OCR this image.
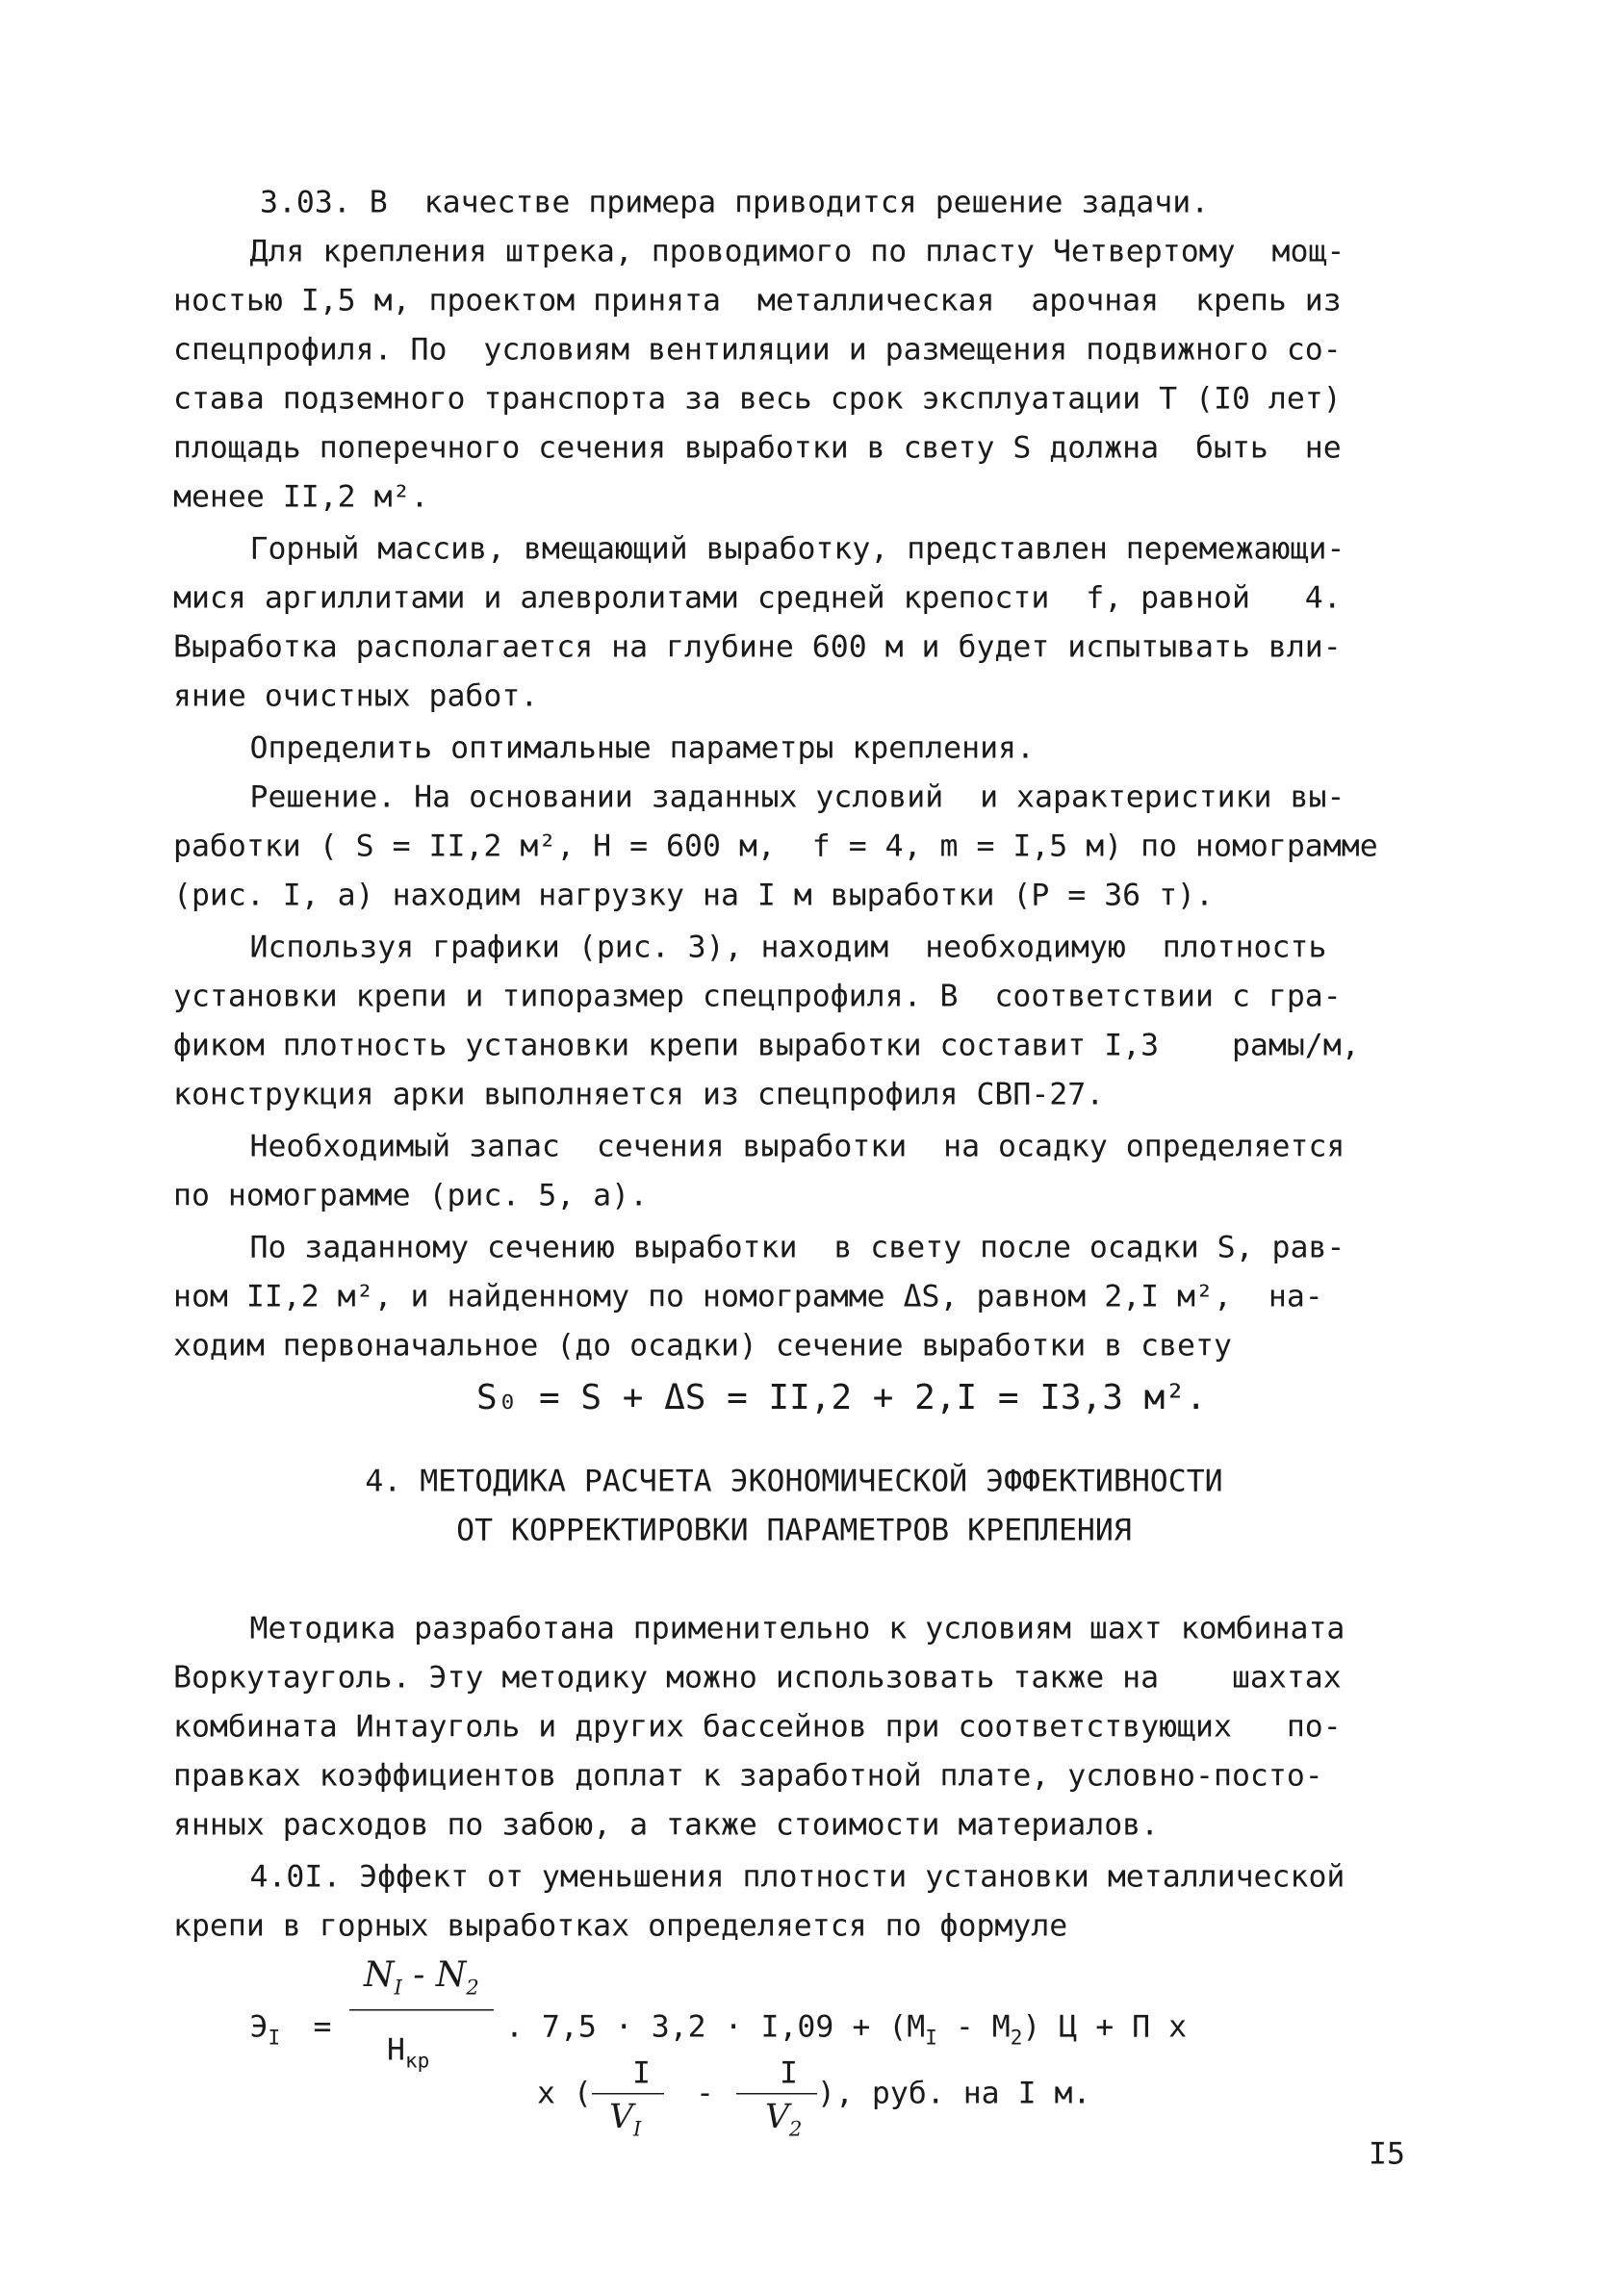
3.03. В  качестве примера приводится решение задачи.
Для крепления штрека, проводимого по пласту Четвертому  мощ-
ностью I,5 м, проектом принята  металлическая  арочная  крепь из
спецпрофиля. По  условиям вентиляции и размещения подвижного со-
става подземного транспорта за весь срок эксплуатации Т (I0 лет)
площадь поперечного сечения выработки в свету S должна  быть  не
менее II,2 м².
Горный массив, вмещающий выработку, представлен перемежающи-
мися аргиллитами и алевролитами средней крепости  f, равной   4.
Выработка располагается на глубине 600 м и будет испытывать вли-
яние очистных работ.
Определить оптимальные параметры крепления.
Решение. На основании заданных условий  и характеристики вы-
работки ( S = II,2 м², Н = 600 м,  f = 4, m = I,5 м) по номограмме
(рис. I, а) находим нагрузку на I м выработки (Р = 36 т).
Используя графики (рис. 3), находим  необходимую  плотность
установки крепи и типоразмер спецпрофиля. В  соответствии с гра-
фиком плотность установки крепи выработки составит I,3    рамы/м,
конструкция арки выполняется из спецпрофиля СВП-27.
Необходимый запас  сечения выработки  на осадку определяется
по номограмме (рис. 5, а).
По заданному сечению выработки  в свету после осадки S, рав-
ном II,2 м², и найденному по номограмме ΔS, равном 2,I м²,  на-
ходим первоначальное (до осадки) сечение выработки в свету
S₀ = S + ΔS = II,2 + 2,I = I3,3 м².
4. МЕТОДИКА РАСЧЕТА ЭКОНОМИЧЕСКОЙ ЭФФЕКТИВНОСТИ
ОТ КОРРЕКТИРОВКИ ПАРАМЕТРОВ КРЕПЛЕНИЯ
Методика разработана применительно к условиям шахт комбината
Воркутауголь. Эту методику можно использовать также на    шахтах
комбината Интауголь и других бассейнов при соответствующих   по-
правках коэффициентов доплат к заработной плате, условно-посто-
янных расходов по забою, а также стоимости материалов.
4.0I. Эффект от уменьшения плотности установки металлической
крепи в горных выработках определяется по формуле
$Э_I$ =
$N_I - N_2$
$Н_{кр}$
. $7,5 \cdot 3,2 \cdot I,09 + (M_I - M_2) Ц + П$ х
х (
I
$V_I$
-
I
$V_2$
), руб. на I м.
I5
